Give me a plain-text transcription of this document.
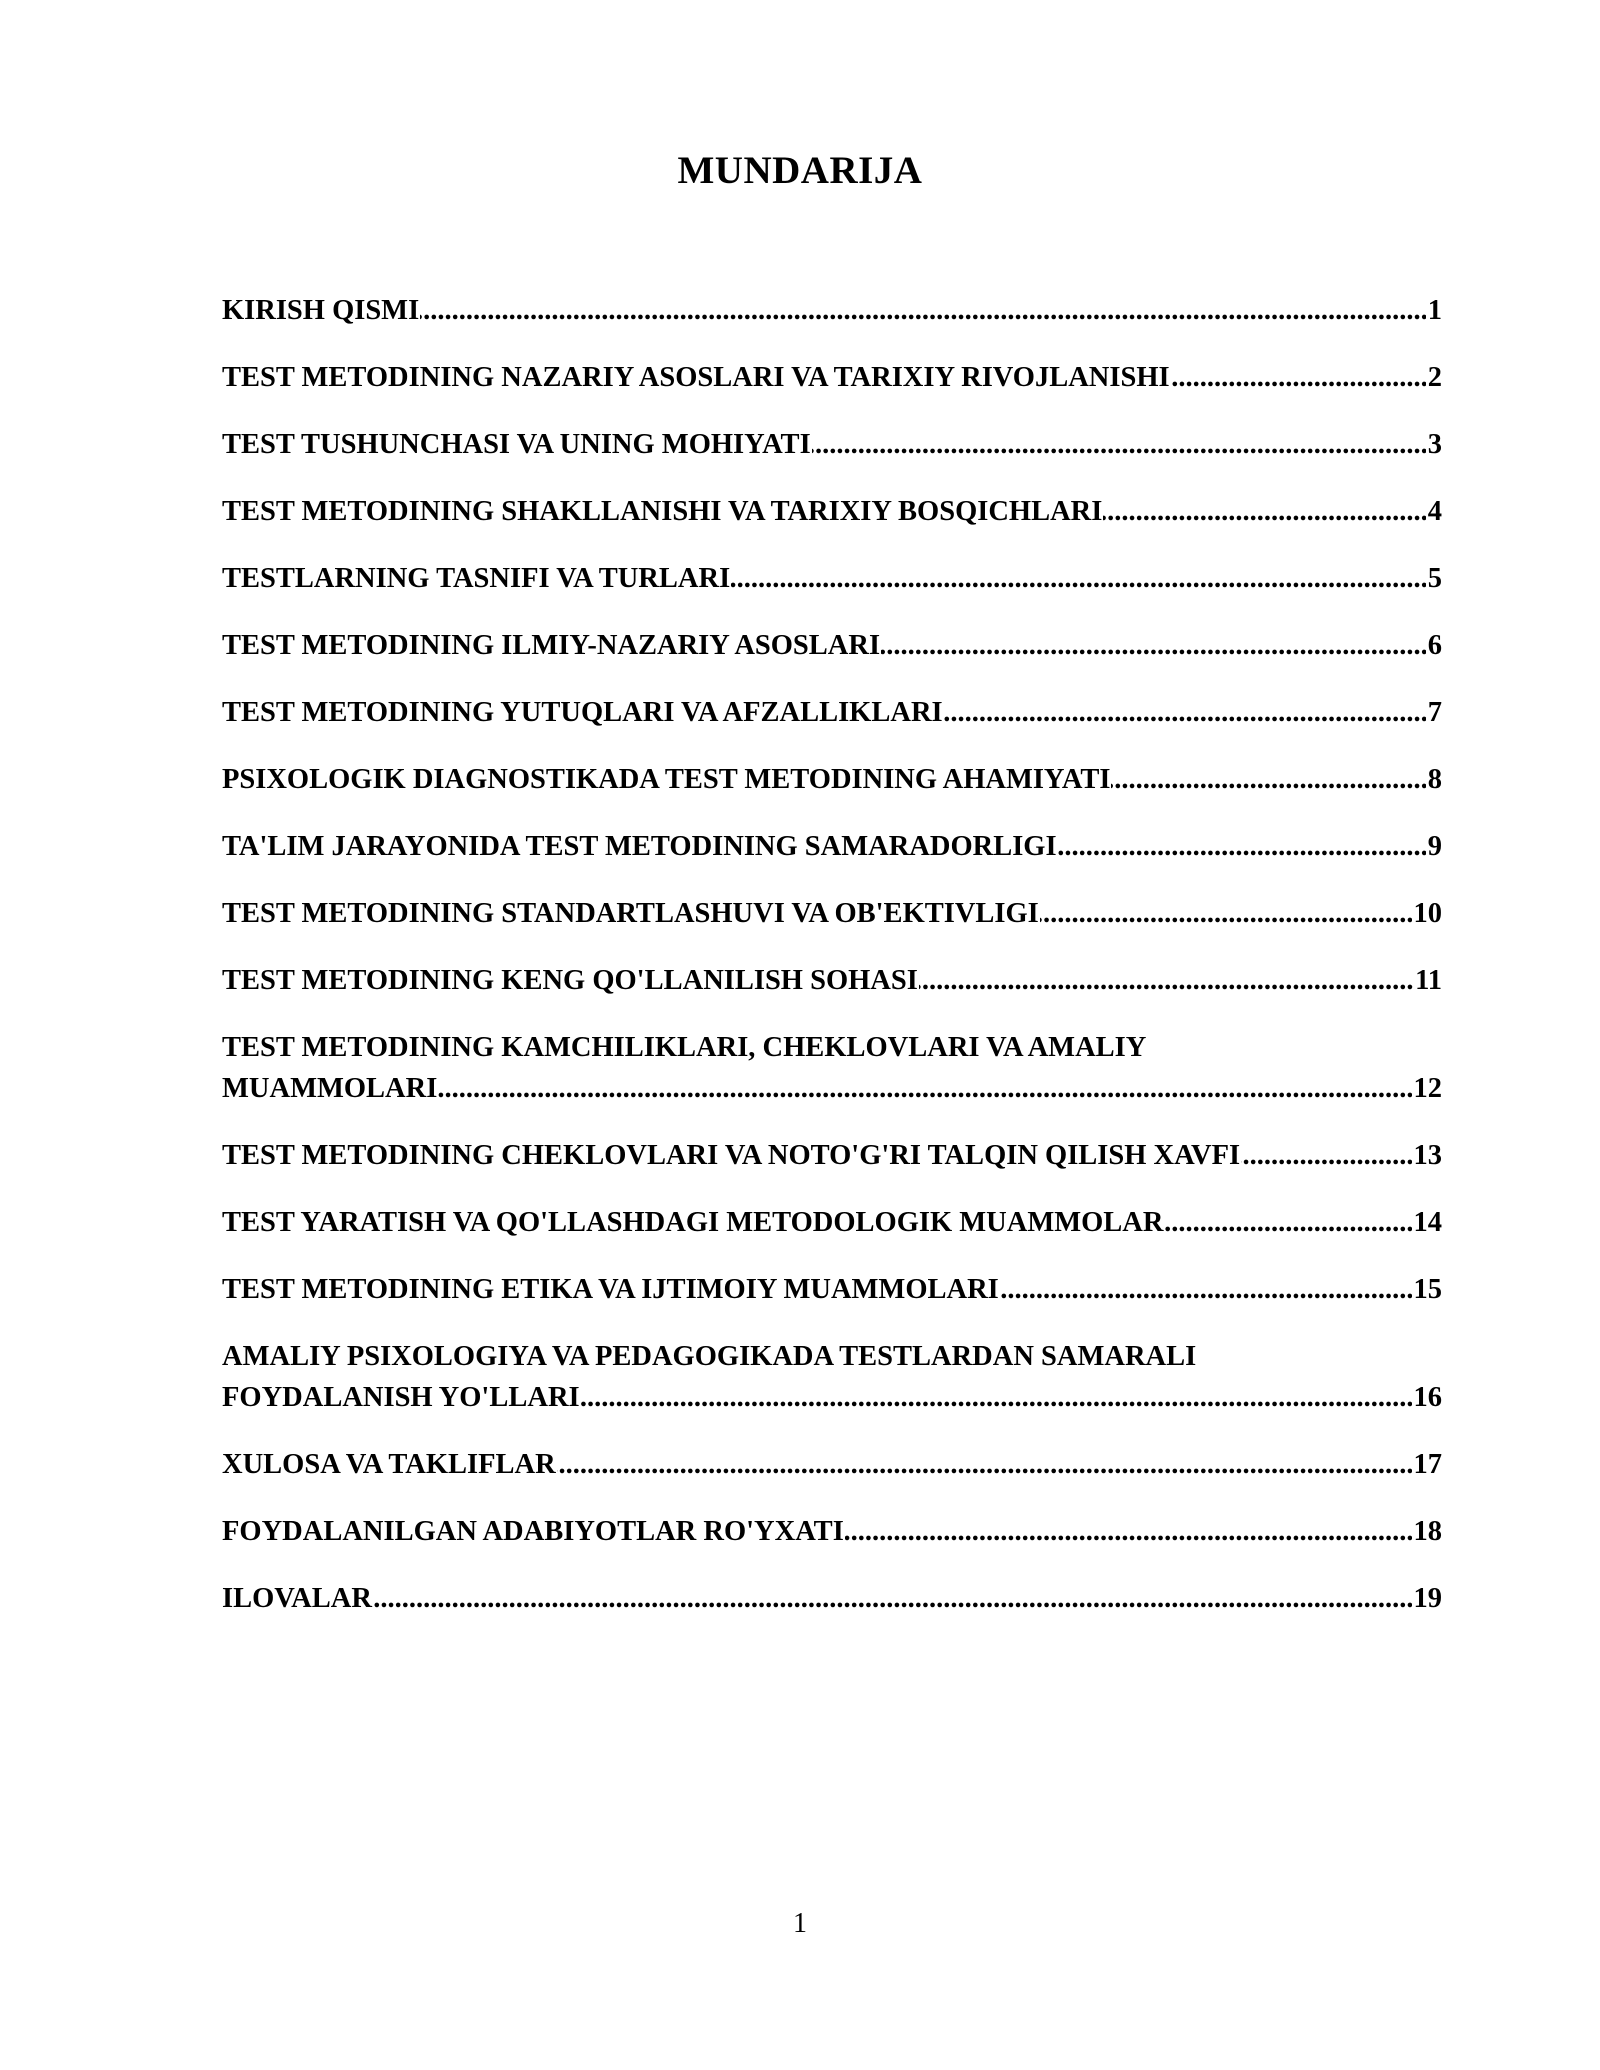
MUNDARIJA
.....
KIRISH QISMI	1
.....
TEST METODINING NAZARIY ASOSLARI VA TARIXIY RIVOJLANISHI	2
.....
TEST TUSHUNCHASI VA UNING MOHIYATI	3
.....
TEST METODINING SHAKLLANISHI VA TARIXIY BOSQICHLARI	4
.....
TESTLARNING TASNIFI VA TURLARI	5
.....
TEST METODINING ILMIY-NAZARIY ASOSLARI	6
.....
TEST METODINING YUTUQLARI VA AFZALLIKLARI	7
.....
PSIXOLOGIK DIAGNOSTIKADA TEST METODINING AHAMIYATI	8
.....
TA'LIM JARAYONIDA TEST METODINING SAMARADORLIGI	9
.....
TEST METODINING STANDARTLASHUVI VA OB'EKTIVLIGI	10
.....
TEST METODINING KENG QO'LLANILISH SOHASI	11
TEST METODINING KAMCHILIKLARI, CHEKLOVLARI VA AMALIY
.....
MUAMMOLARI	12
.....
TEST METODINING CHEKLOVLARI VA NOTO'G'RI TALQIN QILISH XAVFI	13
.....
TEST YARATISH VA QO'LLASHDAGI METODOLOGIK MUAMMOLAR	14
.....
TEST METODINING ETIKA VA IJTIMOIY MUAMMOLARI	15
AMALIY PSIXOLOGIYA VA PEDAGOGIKADA TESTLARDAN SAMARALI
.....
FOYDALANISH YO'LLARI	16
.....
XULOSA VA TAKLIFLAR	17
.....
FOYDALANILGAN ADABIYOTLAR RO'YXATI	18
.....
ILOVALAR	19
1
